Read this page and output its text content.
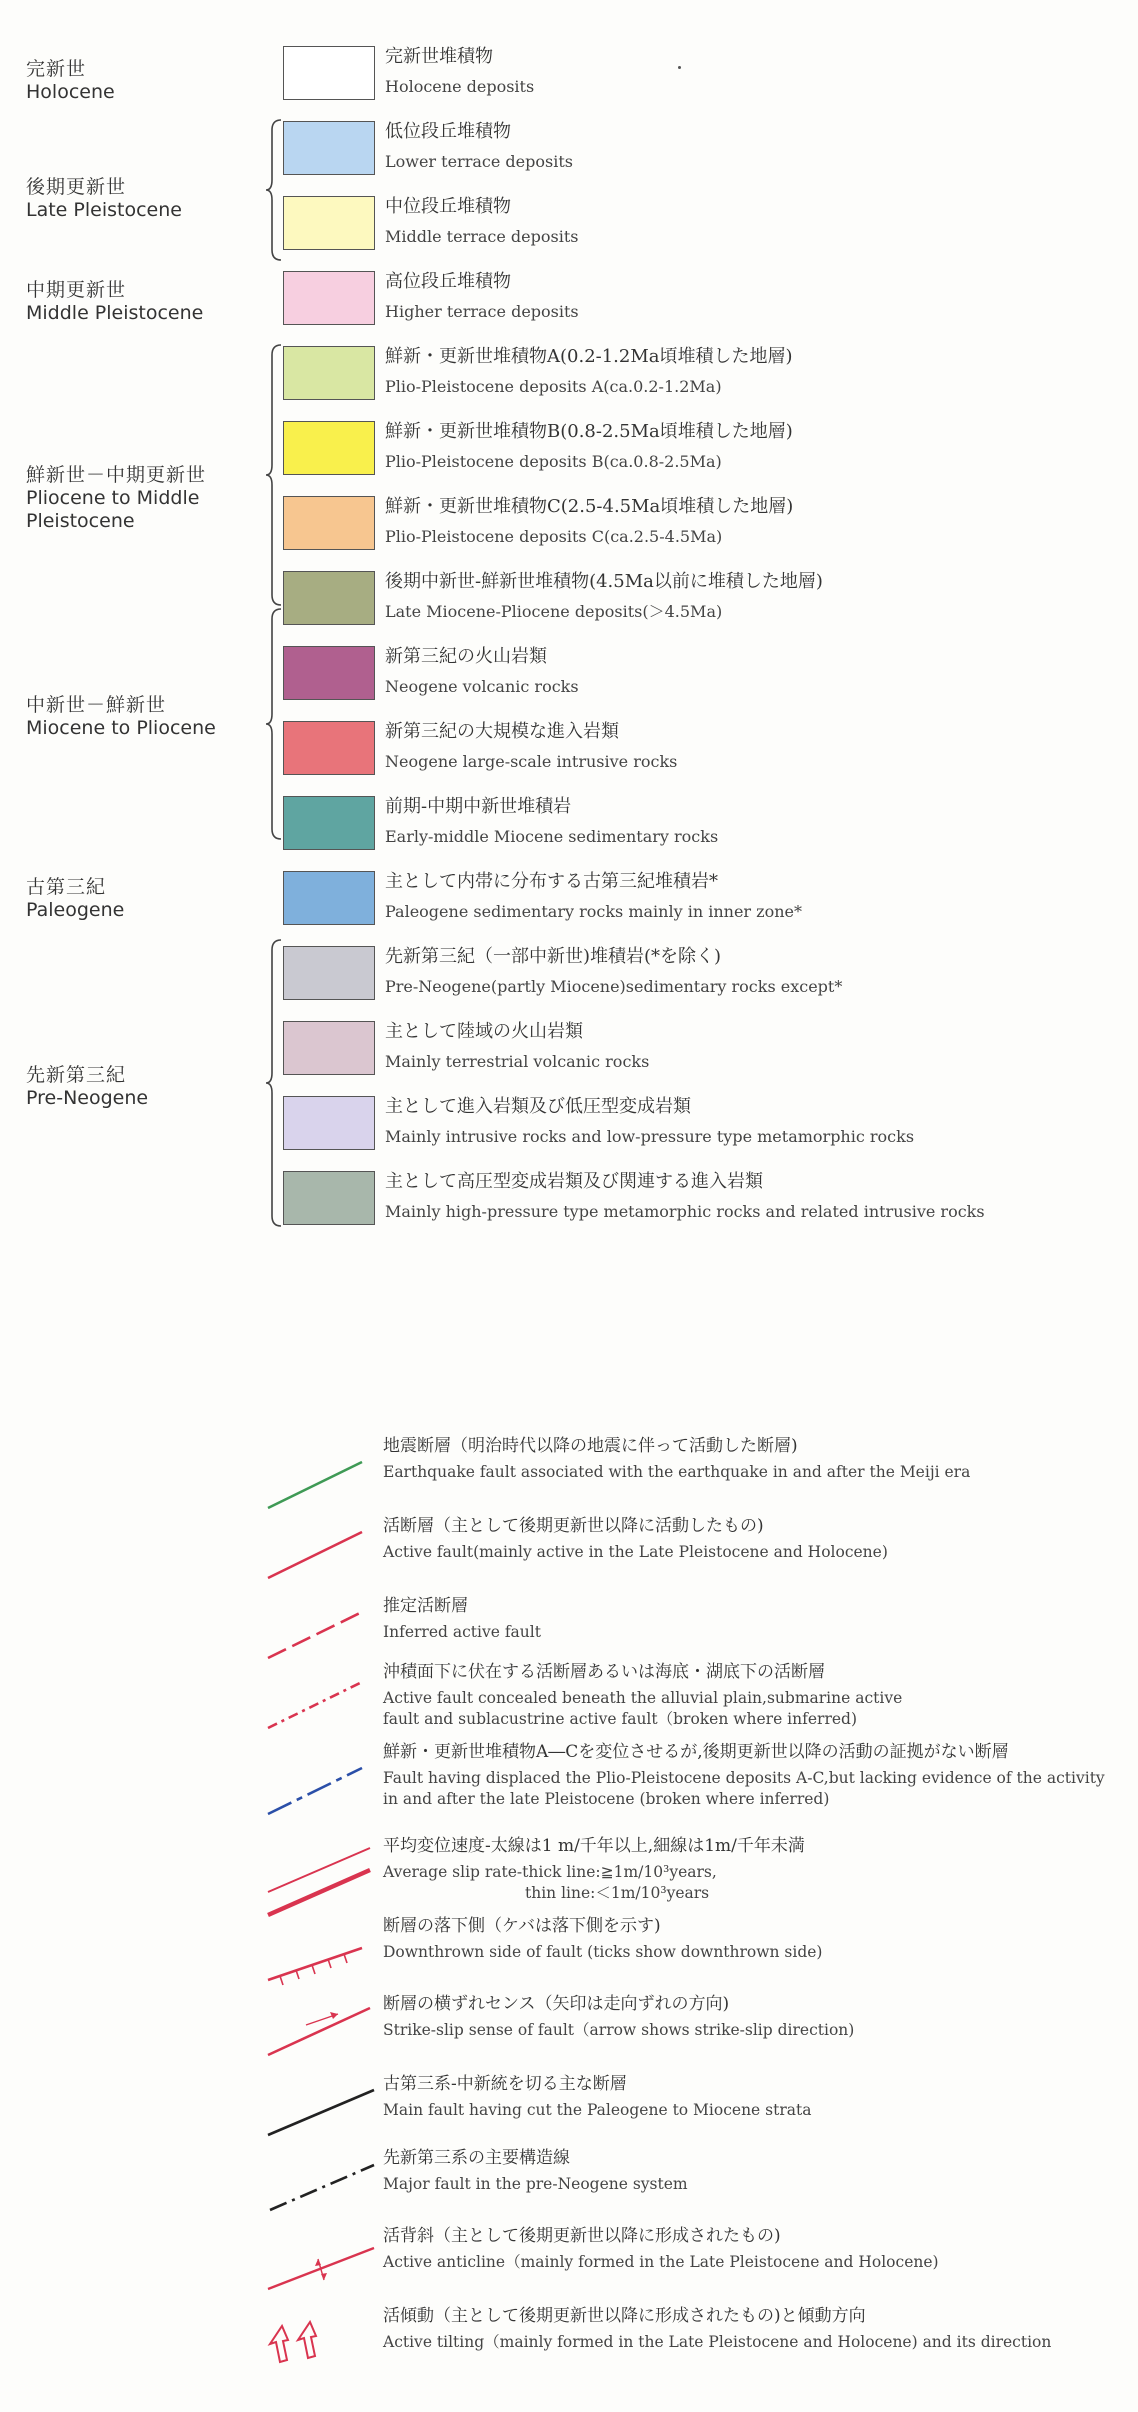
完新世
Holocene
後期更新世
Late Pleistocene
中期更新世
Middle Pleistocene
鮮新世－中期更新世
Pliocene to Middle Pleistocene
中新世－鮮新世
Miocene to Pliocene
古第三紀
Paleogene
先新第三紀
Pre-Neogene
完新世堆積物
Holocene deposits
低位段丘堆積物
Lower terrace deposits
中位段丘堆積物
Middle terrace deposits
高位段丘堆積物
Higher terrace deposits
鮮新・更新世堆積物A(0.2-1.2Ma頃堆積した地層)
Plio-Pleistocene deposits A(ca.0.2-1.2Ma)
鮮新・更新世堆積物B(0.8-2.5Ma頃堆積した地層)
Plio-Pleistocene deposits B(ca.0.8-2.5Ma)
鮮新・更新世堆積物C(2.5-4.5Ma頃堆積した地層)
Plio-Pleistocene deposits C(ca.2.5-4.5Ma)
後期中新世-鮮新世堆積物(4.5Ma以前に堆積した地層)
Late Miocene-Pliocene deposits(＞4.5Ma)
新第三紀の火山岩類
Neogene volcanic rocks
新第三紀の大規模な進入岩類
Neogene large-scale intrusive rocks
前期-中期中新世堆積岩
Early-middle Miocene sedimentary rocks
主として内帯に分布する古第三紀堆積岩*
Paleogene sedimentary rocks mainly in inner zone*
先新第三紀（一部中新世)堆積岩(*を除く)
Pre-Neogene(partly Miocene)sedimentary rocks except*
主として陸域の火山岩類
Mainly terrestrial volcanic rocks
主として進入岩類及び低圧型変成岩類
Mainly intrusive rocks and low-pressure type metamorphic rocks
主として高圧型変成岩類及び関連する進入岩類
Mainly high-pressure type metamorphic rocks and related intrusive rocks
地震断層（明治時代以降の地震に伴って活動した断層)
Earthquake fault associated with the earthquake in and after the Meiji era
活断層（主として後期更新世以降に活動したもの)
Active fault(mainly active in the Late Pleistocene and Holocene)
推定活断層
Inferred active fault
沖積面下に伏在する活断層あるいは海底・湖底下の活断層
Active fault concealed beneath the alluvial plain,submarine active
fault and sublacustrine active fault（broken where inferred)
鮮新・更新世堆積物A―Cを変位させるが,後期更新世以降の活動の証拠がない断層
Fault having displaced the Plio-Pleistocene deposits A-C,but lacking evidence of the activity
in and after the late Pleistocene (broken where inferred)
平均変位速度-太線は1 m/千年以上,細線は1m/千年未満
Average slip rate-thick line:≧1m/10³years,
thin line:＜1m/10³years
断層の落下側（ケバは落下側を示す)
Downthrown side of fault (ticks show downthrown side)
断層の横ずれセンス（矢印は走向ずれの方向)
Strike-slip sense of fault（arrow shows strike-slip direction)
古第三系-中新統を切る主な断層
Main fault having cut the Paleogene to Miocene strata
先新第三系の主要構造線
Major fault in the pre-Neogene system
活背斜（主として後期更新世以降に形成されたもの)
Active anticline（mainly formed in the Late Pleistocene and Holocene)
活傾動（主として後期更新世以降に形成されたもの)と傾動方向
Active tilting（mainly formed in the Late Pleistocene and Holocene) and its direction
